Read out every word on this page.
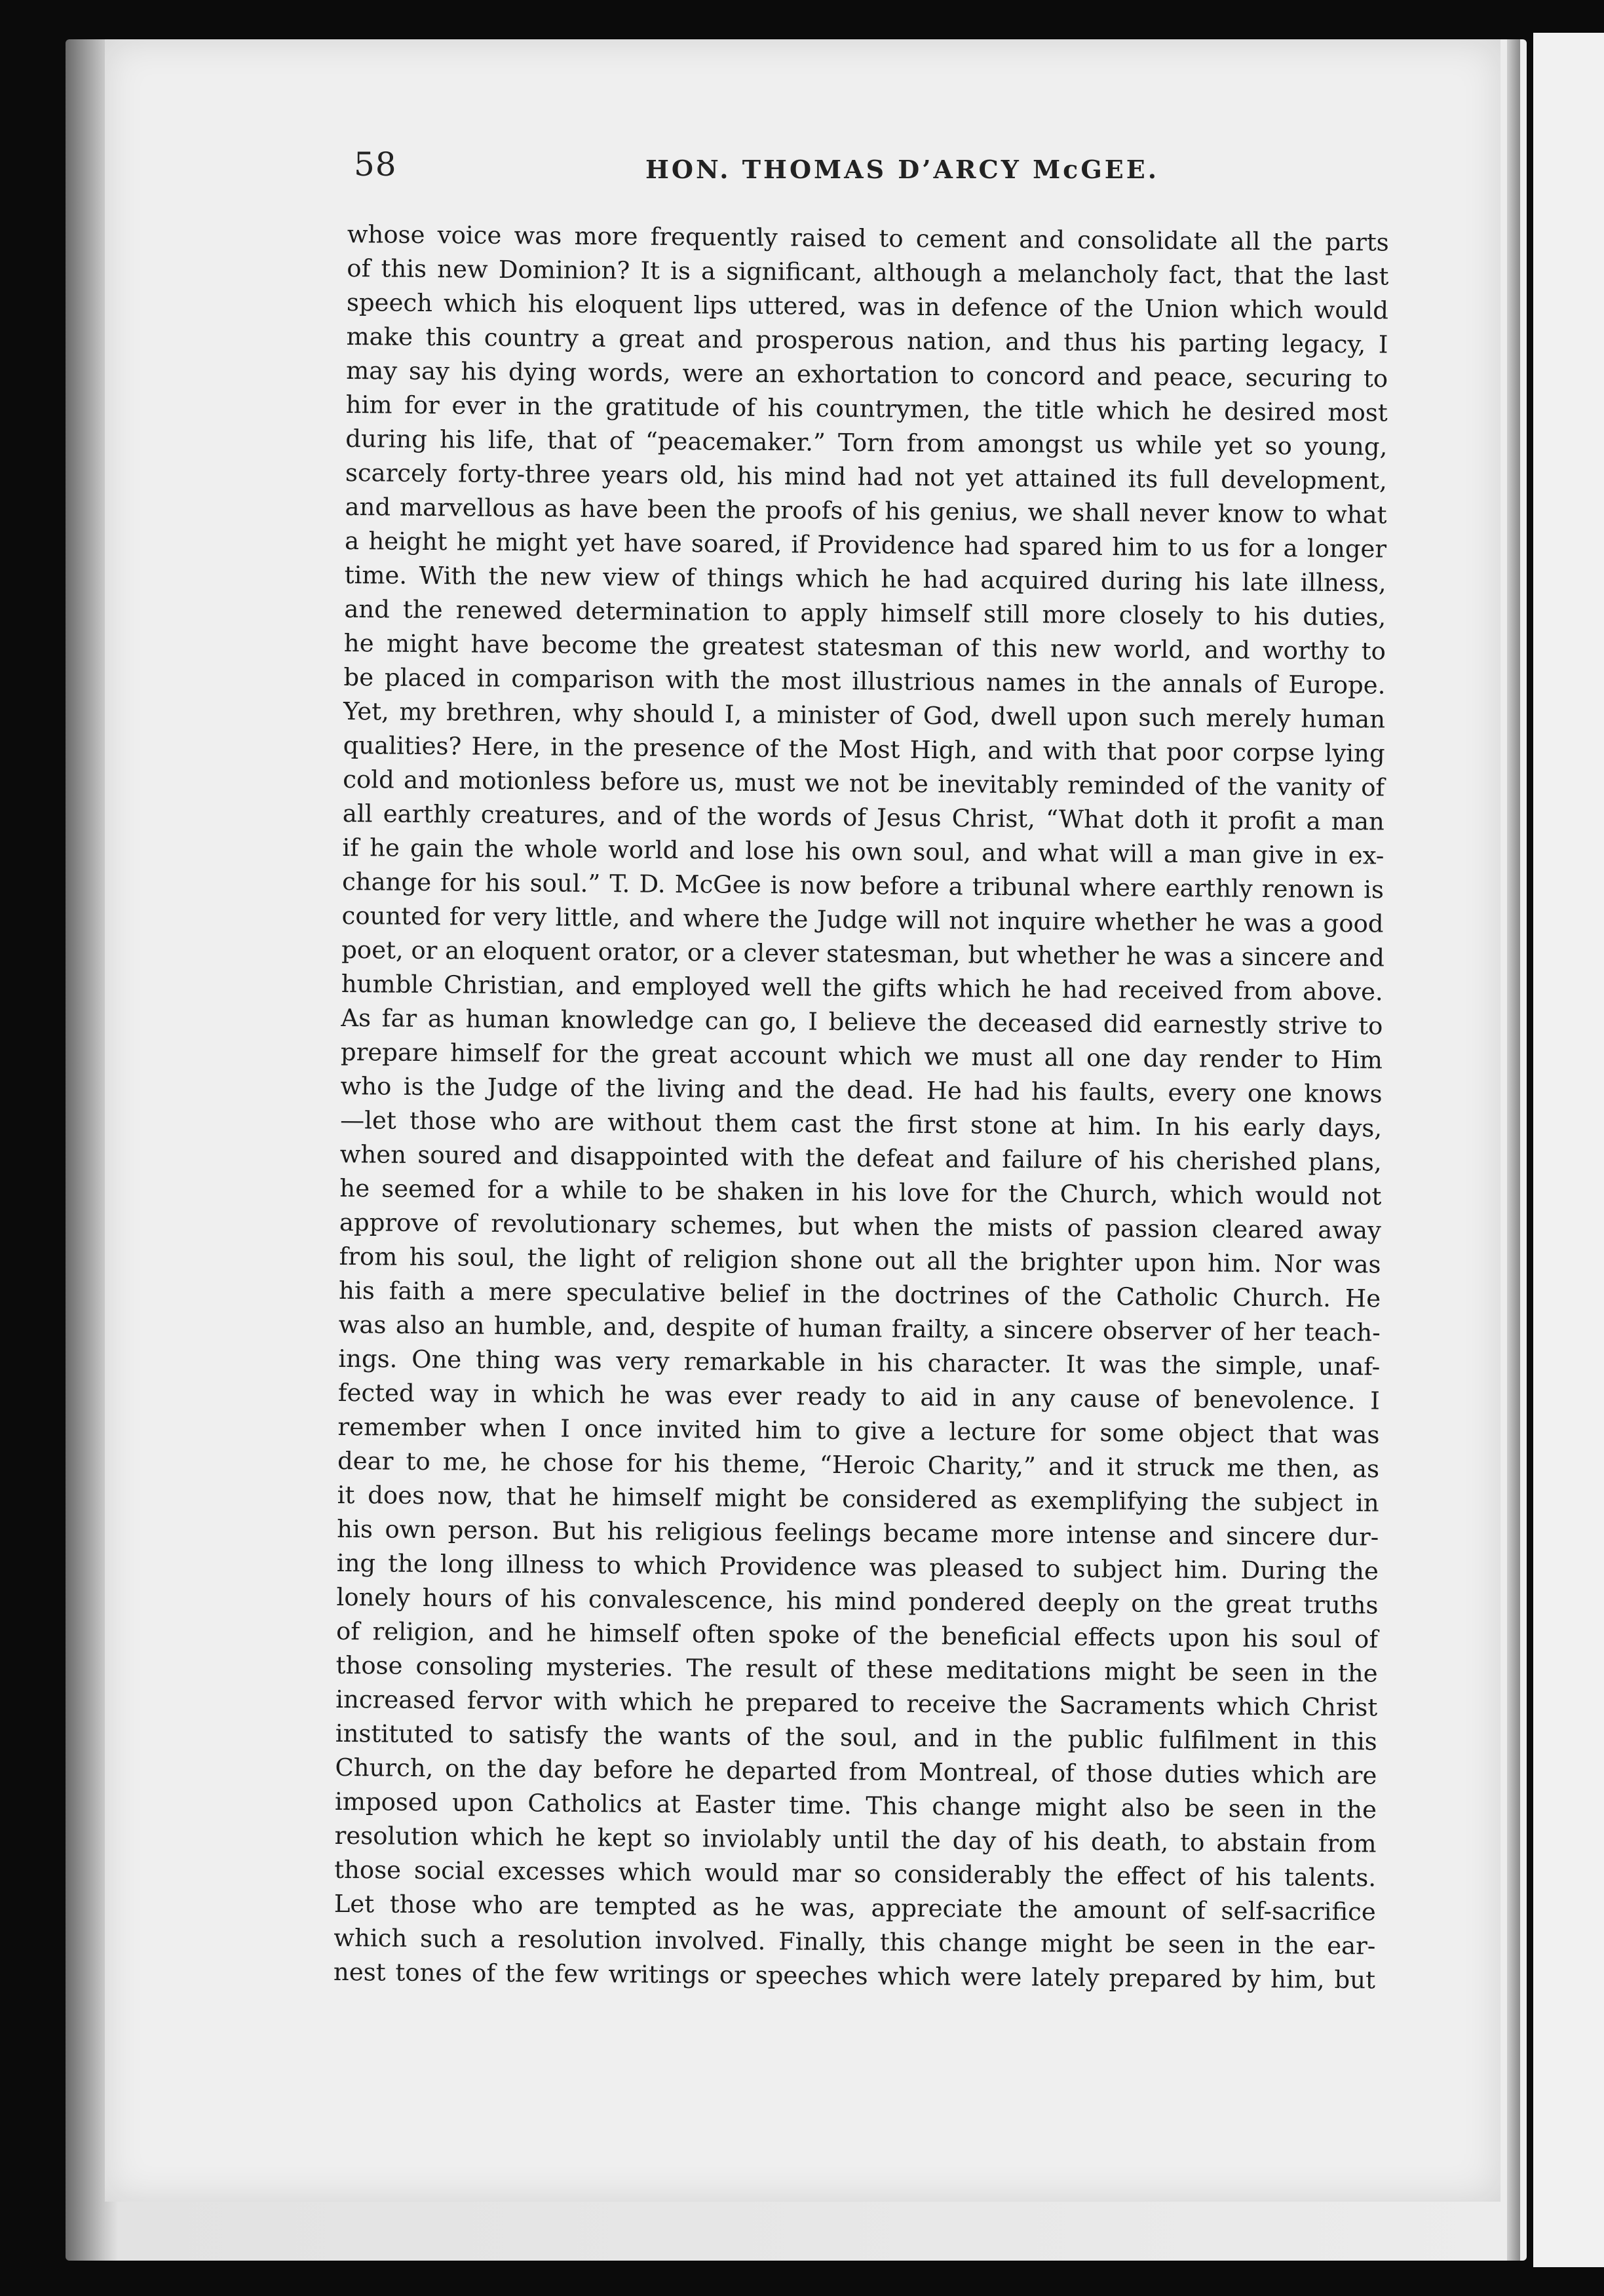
58	HON. THOMAS D’ARCY McGEE.
whose voice was more frequently raised to cement and consolidate all the parts
of this new Dominion? It is a significant, although a melancholy fact, that the last
speech which his eloquent lips uttered, was in defence of the Union which would
make this country a great and prosperous nation, and thus his parting legacy, I
may say his dying words, were an exhortation to concord and peace, securing to
him for ever in the gratitude of his countrymen, the title which he desired most
during his life, that of “peacemaker.” Torn from amongst us while yet so young,
scarcely forty-three years old, his mind had not yet attained its full development,
and marvellous as have been the proofs of his genius, we shall never know to what
a height he might yet have soared, if Providence had spared him to us for a longer
time. With the new view of things which he had acquired during his late illness,
and the renewed determination to apply himself still more closely to his duties,
he might have become the greatest statesman of this new world, and worthy to
be placed in comparison with the most illustrious names in the annals of Europe.
Yet, my brethren, why should I, a minister of God, dwell upon such merely human
qualities? Here, in the presence of the Most High, and with that poor corpse lying
cold and motionless before us, must we not be inevitably reminded of the vanity of
all earthly creatures, and of the words of Jesus Christ, “What doth it profit a man
if he gain the whole world and lose his own soul, and what will a man give in ex-
change for his soul.” T. D. McGee is now before a tribunal where earthly renown is
counted for very little, and where the Judge will not inquire whether he was a good
poet, or an eloquent orator, or a clever statesman, but whether he was a sincere and
humble Christian, and employed well the gifts which he had received from above.
As far as human knowledge can go, I believe the deceased did earnestly strive to
prepare himself for the great account which we must all one day render to Him
who is the Judge of the living and the dead. He had his faults, every one knows
—let those who are without them cast the first stone at him. In his early days,
when soured and disappointed with the defeat and failure of his cherished plans,
he seemed for a while to be shaken in his love for the Church, which would not
approve of revolutionary schemes, but when the mists of passion cleared away
from his soul, the light of religion shone out all the brighter upon him. Nor was
his faith a mere speculative belief in the doctrines of the Catholic Church. He
was also an humble, and, despite of human frailty, a sincere observer of her teach-
ings. One thing was very remarkable in his character. It was the simple, unaf-
fected way in which he was ever ready to aid in any cause of benevolence. I
remember when I once invited him to give a lecture for some object that was
dear to me, he chose for his theme, “Heroic Charity,” and it struck me then, as
it does now, that he himself might be considered as exemplifying the subject in
his own person. But his religious feelings became more intense and sincere dur-
ing the long illness to which Providence was pleased to subject him. During the
lonely hours of his convalescence, his mind pondered deeply on the great truths
of religion, and he himself often spoke of the beneficial effects upon his soul of
those consoling mysteries. The result of these meditations might be seen in the
increased fervor with which he prepared to receive the Sacraments which Christ
instituted to satisfy the wants of the soul, and in the public fulfilment in this
Church, on the day before he departed from Montreal, of those duties which are
imposed upon Catholics at Easter time. This change might also be seen in the
resolution which he kept so inviolably until the day of his death, to abstain from
those social excesses which would mar so considerably the effect of his talents.
Let those who are tempted as he was, appreciate the amount of self-sacrifice
which such a resolution involved. Finally, this change might be seen in the ear-
nest tones of the few writings or speeches which were lately prepared by him, but
